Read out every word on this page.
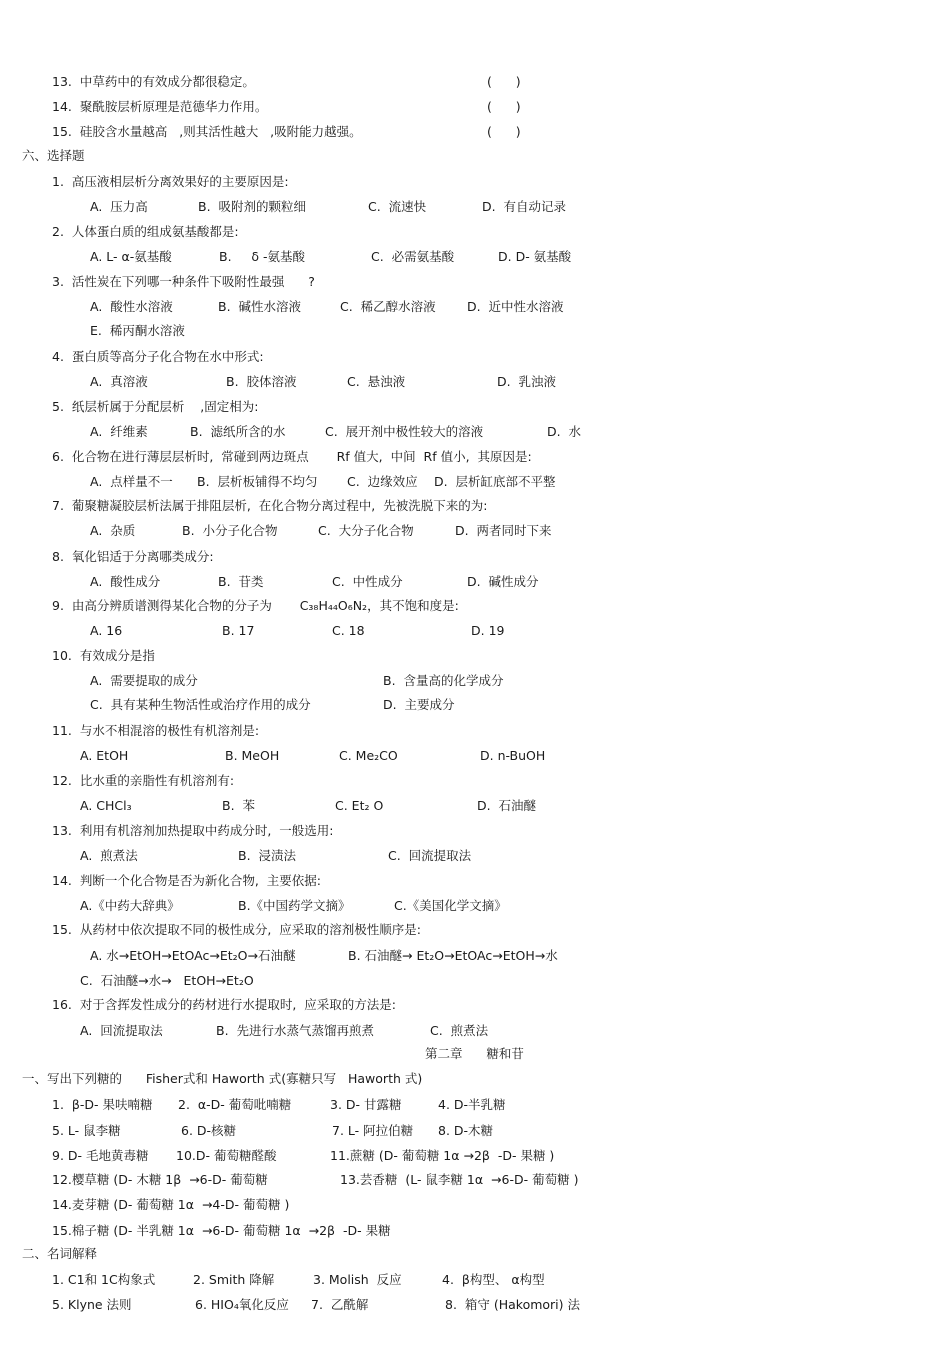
13.  中草药中的有效成分都很稳定。	(      )
14.  聚酰胺层析原理是范德华力作用。	(      )
15.  硅胶含水量越高   ,则其活性越大   ,吸附能力越强。	(      )
六、选择题
1.  高压液相层析分离效果好的主要原因是:
A.  压力高	B.  吸附剂的颗粒细	C.  流速快	D.  有自动记录
2.  人体蛋白质的组成氨基酸都是:
A. L- α-氨基酸	B.     δ -氨基酸	C.  必需氨基酸	D. D- 氨基酸
3.  活性炭在下列哪一种条件下吸附性最强      ?
A.  酸性水溶液	B.  碱性水溶液	C.  稀乙醇水溶液	D.  近中性水溶液
E.  稀丙酮水溶液
4.  蛋白质等高分子化合物在水中形式:
A.  真溶液	B.  胶体溶液	C.  悬浊液	D.  乳浊液
5.  纸层析属于分配层析    ,固定相为:
A.  纤维素	B.  滤纸所含的水	C.  展开剂中极性较大的溶液	D.  水
6.  化合物在进行薄层层析时,  常碰到两边斑点       Rf 值大,  中间  Rf 值小,  其原因是:
A.  点样量不一 B.  层析板铺得不均匀 C.  边缘效应 D.  层析缸底部不平整
7.  葡聚糖凝胶层析法属于排阻层析,  在化合物分离过程中,  先被洗脱下来的为:
A.  杂质	B.  小分子化合物	C.  大分子化合物	D.  两者同时下来
8.  氧化铝适于分离哪类成分:
A.  酸性成分	B.  苷类	C.  中性成分	D.  碱性成分
9.  由高分辨质谱测得某化合物的分子为       C₃₈H₄₄O₆N₂，其不饱和度是:
A. 16	B. 17	C. 18	D. 19
10.  有效成分是指
A.  需要提取的成分	B.  含量高的化学成分
C.  具有某种生物活性或治疗作用的成分	D.  主要成分
11.  与水不相混溶的极性有机溶剂是:
A. EtOH	B. MeOH	C. Me₂CO	D. n-BuOH
12.  比水重的亲脂性有机溶剂有:
A. CHCl₃	B.  苯	C. Et₂ O	D.  石油醚
13.  利用有机溶剂加热提取中药成分时,  一般选用:
A.  煎煮法	B.  浸渍法	C.  回流提取法
14.  判断一个化合物是否为新化合物,  主要依据:
A.《中药大辞典》	B.《中国药学文摘》	C.《美国化学文摘》
15.  从药材中依次提取不同的极性成分,  应采取的溶剂极性顺序是:
A. 水→EtOH→EtOAc→Et₂O→石油醚	B. 石油醚→ Et₂O→EtOAc→EtOH→水
C.  石油醚→水→   EtOH→Et₂O
16.  对于含挥发性成分的药材进行水提取时,  应采取的方法是:
A.  回流提取法	B.  先进行水蒸气蒸馏再煎煮	C.  煎煮法
第二章      糖和苷
一、写出下列糖的      Fisher式和 Haworth 式(寡糖只写   Haworth 式)
1.  β-D- 果呋喃糖 2.  α-D- 葡萄吡喃糖	3. D- 甘露糖	4. D-半乳糖
5. L- 鼠李糖	6. D-核糖	7. L- 阿拉伯糖 8. D-木糖
9. D- 毛地黄毒糖 10.D- 葡萄糖醛酸	11.蔗糖 (D- 葡萄糖 1α →2β  -D- 果糖 )
12.樱草糖 (D- 木糖 1β  →6-D- 葡萄糖	13.芸香糖  (L- 鼠李糖 1α  →6-D- 葡萄糖 )
14.麦芽糖 (D- 葡萄糖 1α  →4-D- 葡萄糖 )
15.棉子糖 (D- 半乳糖 1α  →6-D- 葡萄糖 1α  →2β  -D- 果糖
二、名词解释
1. C1和 1C构象式	2. Smith 降解	3. Molish  反应	4.  β构型、 α构型
5. Klyne 法则	6. HIO₄氧化反应 7.  乙酰解	8.  箱守 (Hakomori) 法
